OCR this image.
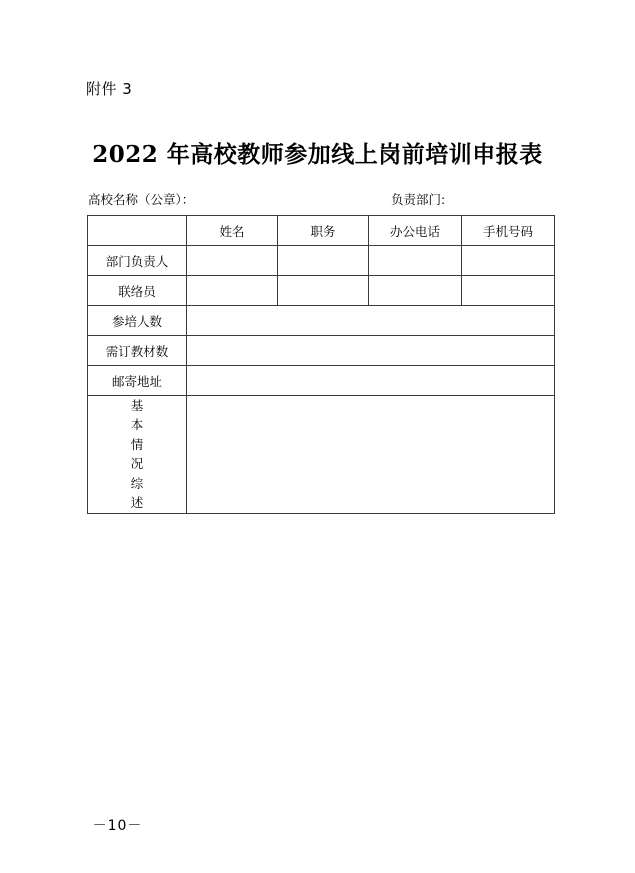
附件 3
2022 年高校教师参加线上岗前培训申报表
高校名称（公章）：	负责部门:
	姓名	职务	办公电话	手机号码
部门负责人				
联络员				
参培人数				
需订教材数				
邮寄地址				
基本情况综述				
－10－
